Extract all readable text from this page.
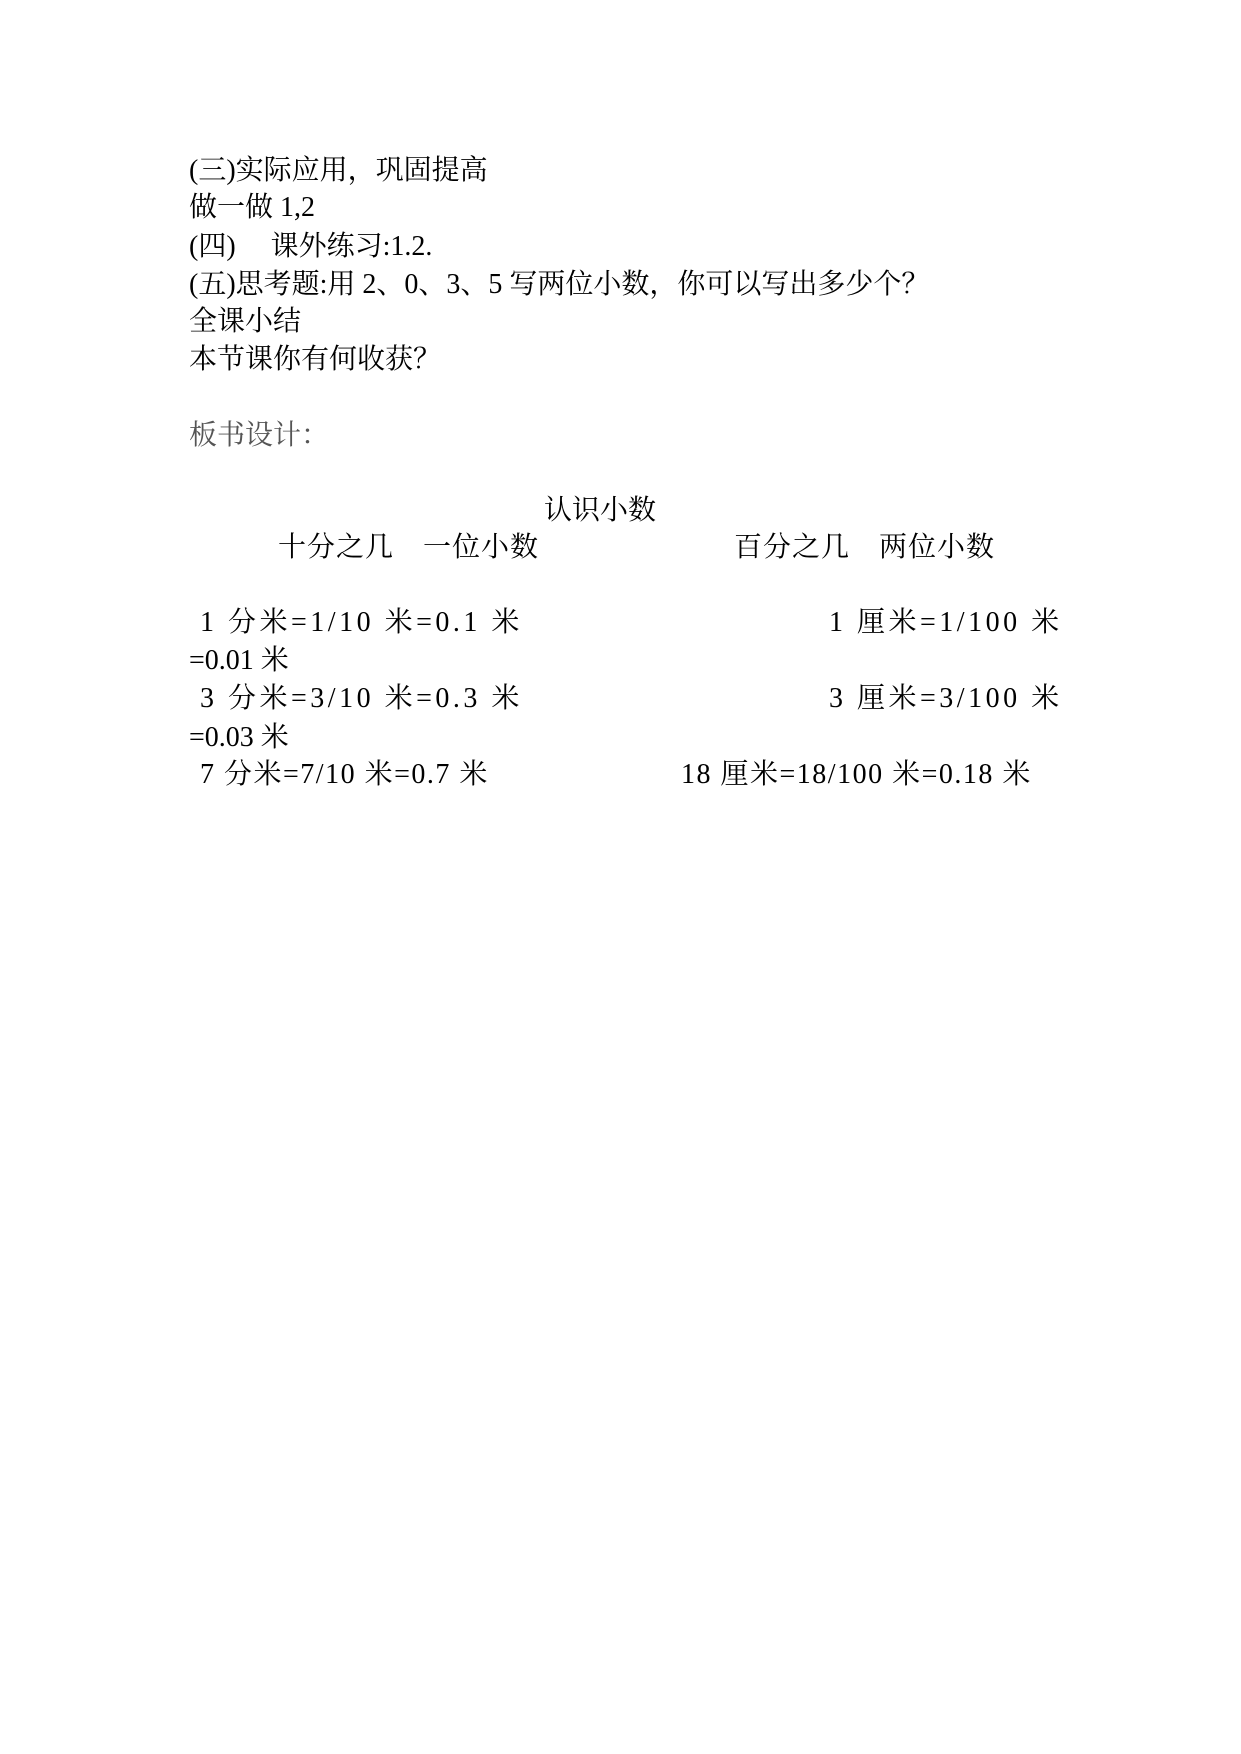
(三)实际应用，巩固提高
做一做 1,2
(四)　 课外练习:1.2.
(五)思考题:用 2、0、3、5 写两位小数，你可以写出多少个？
全课小结
本节课你有何收获？
板书设计：
认识小数
十分之几　一位小数	百分之几　两位小数
1 分米=1/10 米=0.1 米	1 厘米=1/100 米
=0.01 米
3 分米=3/10 米=0.3 米	3 厘米=3/100 米
=0.03 米
7 分米=7/10 米=0.7 米	18 厘米=18/100 米=0.18 米
